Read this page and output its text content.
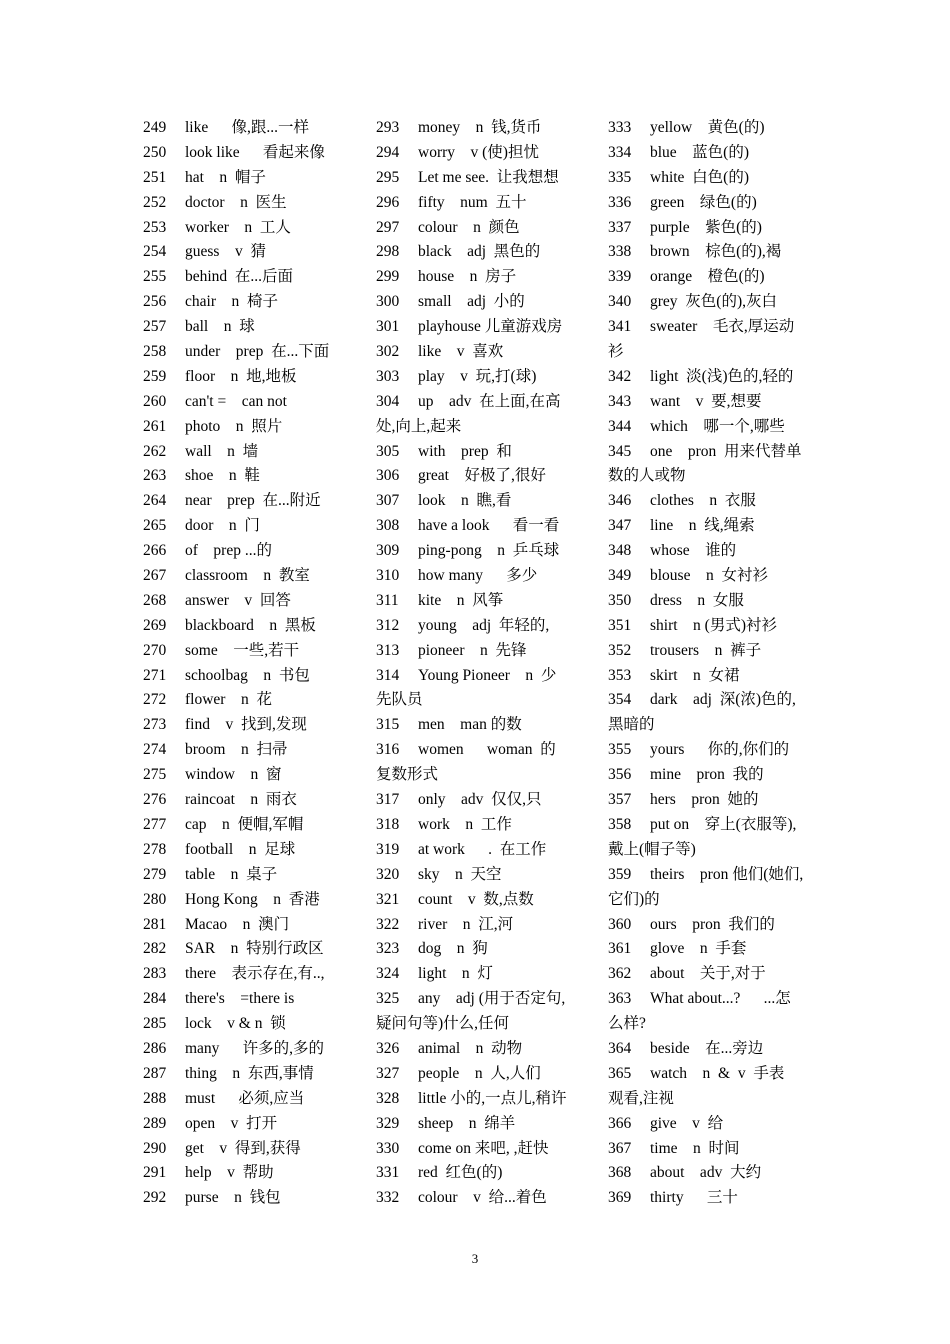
249 like      像,跟...一样
250 look like      看起来像
251 hat    n  帽子
252 doctor    n  医生
253 worker    n  工人
254 guess    v  猜
255 behind  在...后面
256 chair    n  椅子
257 ball    n  球
258 under    prep  在...下面
259 floor    n  地,地板
260 can't =    can not
261 photo    n  照片
262 wall    n  墙
263 shoe    n  鞋
264 near    prep  在...附近
265 door    n  门
266 of    prep ...的
267 classroom    n  教室
268 answer    v  回答
269 blackboard    n  黑板
270 some    一些,若干
271 schoolbag    n  书包
272 flower    n  花
273 find    v  找到,发现
274 broom    n  扫帚
275 window    n  窗
276 raincoat    n  雨衣
277 cap    n  便帽,军帽
278 football    n  足球
279 table    n  桌子
280 Hong Kong    n  香港
281 Macao    n  澳门
282 SAR    n  特别行政区
283 there    表示存在,有..,
284 there's    =there is
285 lock    v & n  锁
286 many      许多的,多的
287 thing    n  东西,事情
288 must      必须,应当
289 open    v  打开
290 get    v  得到,获得
291 help    v  帮助
292 purse    n  钱包
293 money    n  钱,货币
294 worry    v (使)担忧
295 Let me see.  让我想想
296 fifty    num  五十
297 colour    n  颜色
298 black    adj  黑色的
299 house    n  房子
300 small    adj  小的
301 playhouse 儿童游戏房
302 like    v  喜欢
303 play    v  玩,打(球)
304 up    adv  在上面,在高
处,向上,起来
305 with    prep  和
306 great    好极了,很好
307 look    n  瞧,看
308 have a look      看一看
309 ping-pong    n  乒乓球
310 how many      多少
311 kite    n  风筝
312 young    adj  年轻的,
313 pioneer    n  先锋
314 Young Pioneer    n  少
先队员
315 men    man 的数
316 women      woman  的
复数形式
317 only    adv  仅仅,只
318 work    n  工作
319 at work      .  在工作
320 sky    n  天空
321 count    v  数,点数
322 river    n  江,河
323 dog    n  狗
324 light    n  灯
325 any    adj (用于否定句,
疑问句等)什么,任何
326 animal    n  动物
327 people    n  人,人们
328 little 小的,一点儿,稍许
329 sheep    n  绵羊
330 come on 来吧, ,赶快
331 red  红色(的)
332 colour    v  给...着色
333 yellow    黄色(的)
334 blue    蓝色(的)
335 white  白色(的)
336 green    绿色(的)
337 purple    紫色(的)
338 brown    棕色(的),褐
339 orange    橙色(的)
340 grey  灰色(的),灰白
341 sweater    毛衣,厚运动
衫
342 light  淡(浅)色的,轻的
343 want    v  要,想要
344 which    哪一个,哪些
345 one    pron  用来代替单
数的人或物
346 clothes    n  衣服
347 line    n  线,绳索
348 whose    谁的
349 blouse    n  女衬衫
350 dress    n  女服
351 shirt    n (男式)衬衫
352 trousers    n  裤子
353 skirt    n  女裙
354 dark    adj  深(浓)色的,
黑暗的
355 yours      你的,你们的
356 mine    pron  我的
357 hers    pron  她的
358 put on    穿上(衣服等),
戴上(帽子等)
359 theirs    pron 他们(她们,
它们)的
360 ours    pron  我们的
361 glove    n  手套
362 about    关于,对于
363 What about...?      ...怎
么样?
364 beside    在...旁边
365 watch    n  &  v  手表
观看,注视
366 give    v  给
367 time    n  时间
368 about    adv  大约
369 thirty      三十
3
